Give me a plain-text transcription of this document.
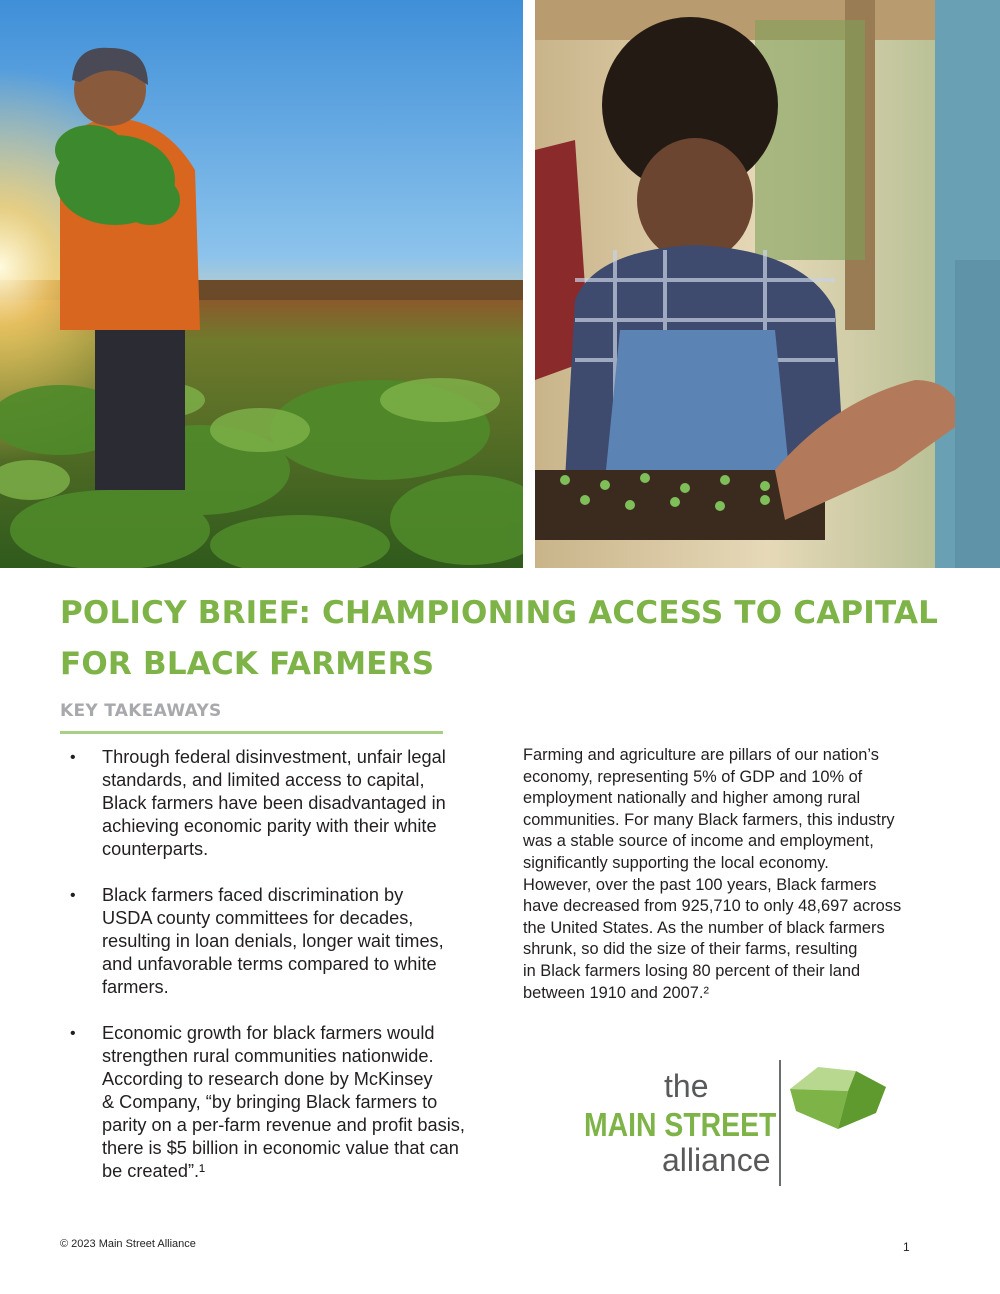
POLICY BRIEF: CHAMPIONING ACCESS TO CAPITAL
FOR BLACK FARMERS
KEY TAKEAWAYS
• Through federal disinvestment, unfair legal
standards, and limited access to capital,
Black farmers have been disadvantaged in
achieving economic parity with their white
counterparts.
• Black farmers faced discrimination by
USDA county committees for decades,
resulting in loan denials, longer wait times,
and unfavorable terms compared to white
farmers.
• Economic growth for black farmers would
strengthen rural communities nationwide.
According to research done by McKinsey
& Company, “by bringing Black farmers to
parity on a per-farm revenue and profit basis,
there is $5 billion in economic value that can
be created”.¹
Farming and agriculture are pillars of our nation’s
economy, representing 5% of GDP and 10% of
employment nationally and higher among rural
communities. For many Black farmers, this industry
was a stable source of income and employment,
significantly supporting the local economy.
However, over the past 100 years, Black farmers
have decreased from 925,710 to only 48,697 across
the United States. As the number of black farmers
shrunk, so did the size of their farms, resulting
in Black farmers losing 80 percent of their land
between 1910 and 2007.²
the
MAIN STREET
alliance
© 2023 Main Street Alliance	1
